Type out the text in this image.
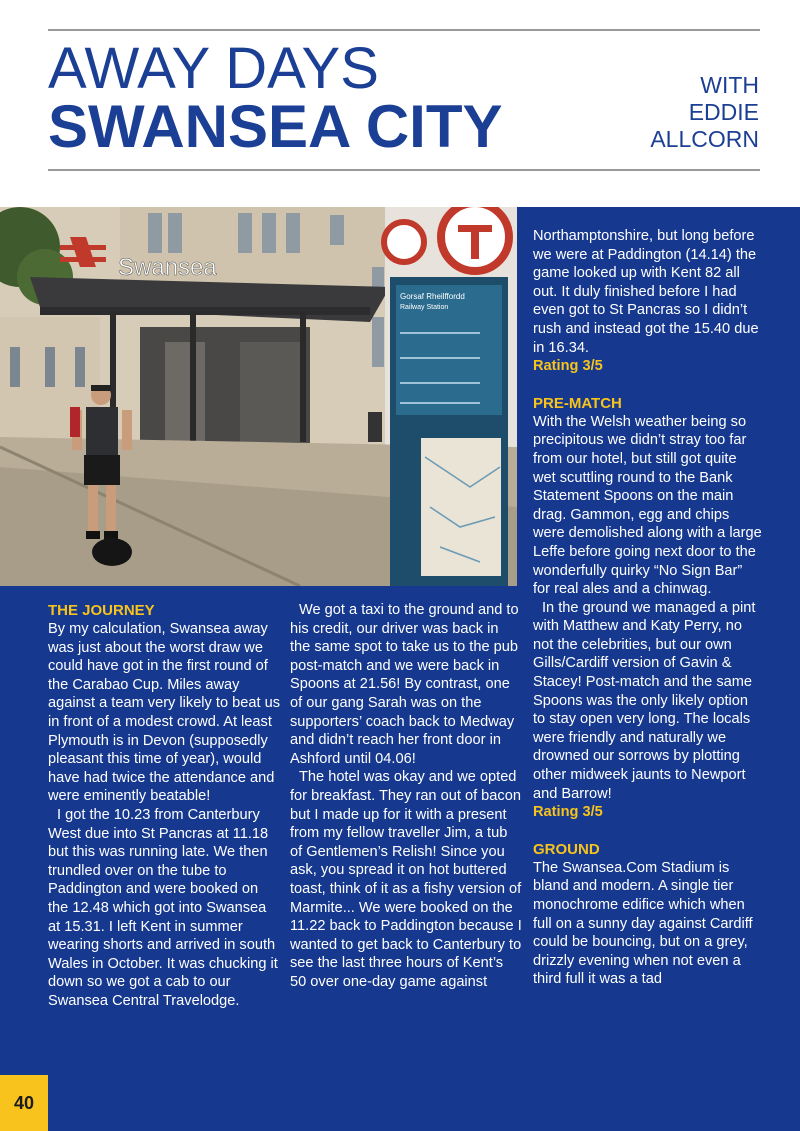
AWAY DAYS
SWANSEA CITY
WITH
EDDIE
ALLCORN
Swansea
Gorsaf Rheilffordd
Railway Station
THE JOURNEY

By my calculation, Swansea away was just about the worst draw we could have got in the first round of the Carabao Cup. Miles away against a team very likely to beat us in front of a modest crowd. At least Plymouth is in Devon (supposedly pleasant this time of year), would have had twice the attendance and were eminently beatable!

I got the 10.23 from Canterbury West due into St Pancras at 11.18 but this was running late. We then trundled over on the tube to Paddington and were booked on the 12.48 which got into Swansea at 15.31. I left Kent in summer wearing shorts and arrived in south Wales in October. It was chucking it down so we got a cab to our Swansea Central Travelodge.

We got a taxi to the ground and to his credit, our driver was back in the same spot to take us to the pub post-match and we were back in Spoons at 21.56! By contrast, one of our gang Sarah was on the supporters’ coach back to Medway and didn’t reach her front door in Ashford until 04.06!

The hotel was okay and we opted for breakfast. They ran out of bacon but I made up for it with a present from my fellow traveller Jim, a tub of Gentlemen’s Relish! Since you ask, you spread it on hot buttered toast, think of it as a fishy version of Marmite... We were booked on the 11.22 back to Paddington because I wanted to get back to Canterbury to see the last three hours of Kent’s 50 over one-day game against

Northamptonshire, but long before we were at Paddington (14.14) the game looked up with Kent 82 all out. It duly finished before I had even got to St Pancras so I didn’t rush and instead got the 15.40 due in 16.34.

Rating 3/5

PRE-MATCH

With the Welsh weather being so precipitous we didn’t stray too far from our hotel, but still got quite wet scuttling round to the Bank Statement Spoons on the main drag. Gammon, egg and chips were demolished along with a large Leffe before going next door to the wonderfully quirky “No Sign Bar” for real ales and a chinwag.

In the ground we managed a pint with Matthew and Katy Perry, no not the celebrities, but our own Gills/Cardiff version of Gavin & Stacey! Post-match and the same Spoons was the only likely option to stay open very long. The locals were friendly and naturally we drowned our sorrows by plotting other midweek jaunts to Newport and Barrow!

Rating 3/5

GROUND

The Swansea.Com Stadium is bland and modern. A single tier monochrome edifice which when full on a sunny day against Cardiff could be bouncing, but on a grey, drizzly evening when not even a third full it was a tad

40
